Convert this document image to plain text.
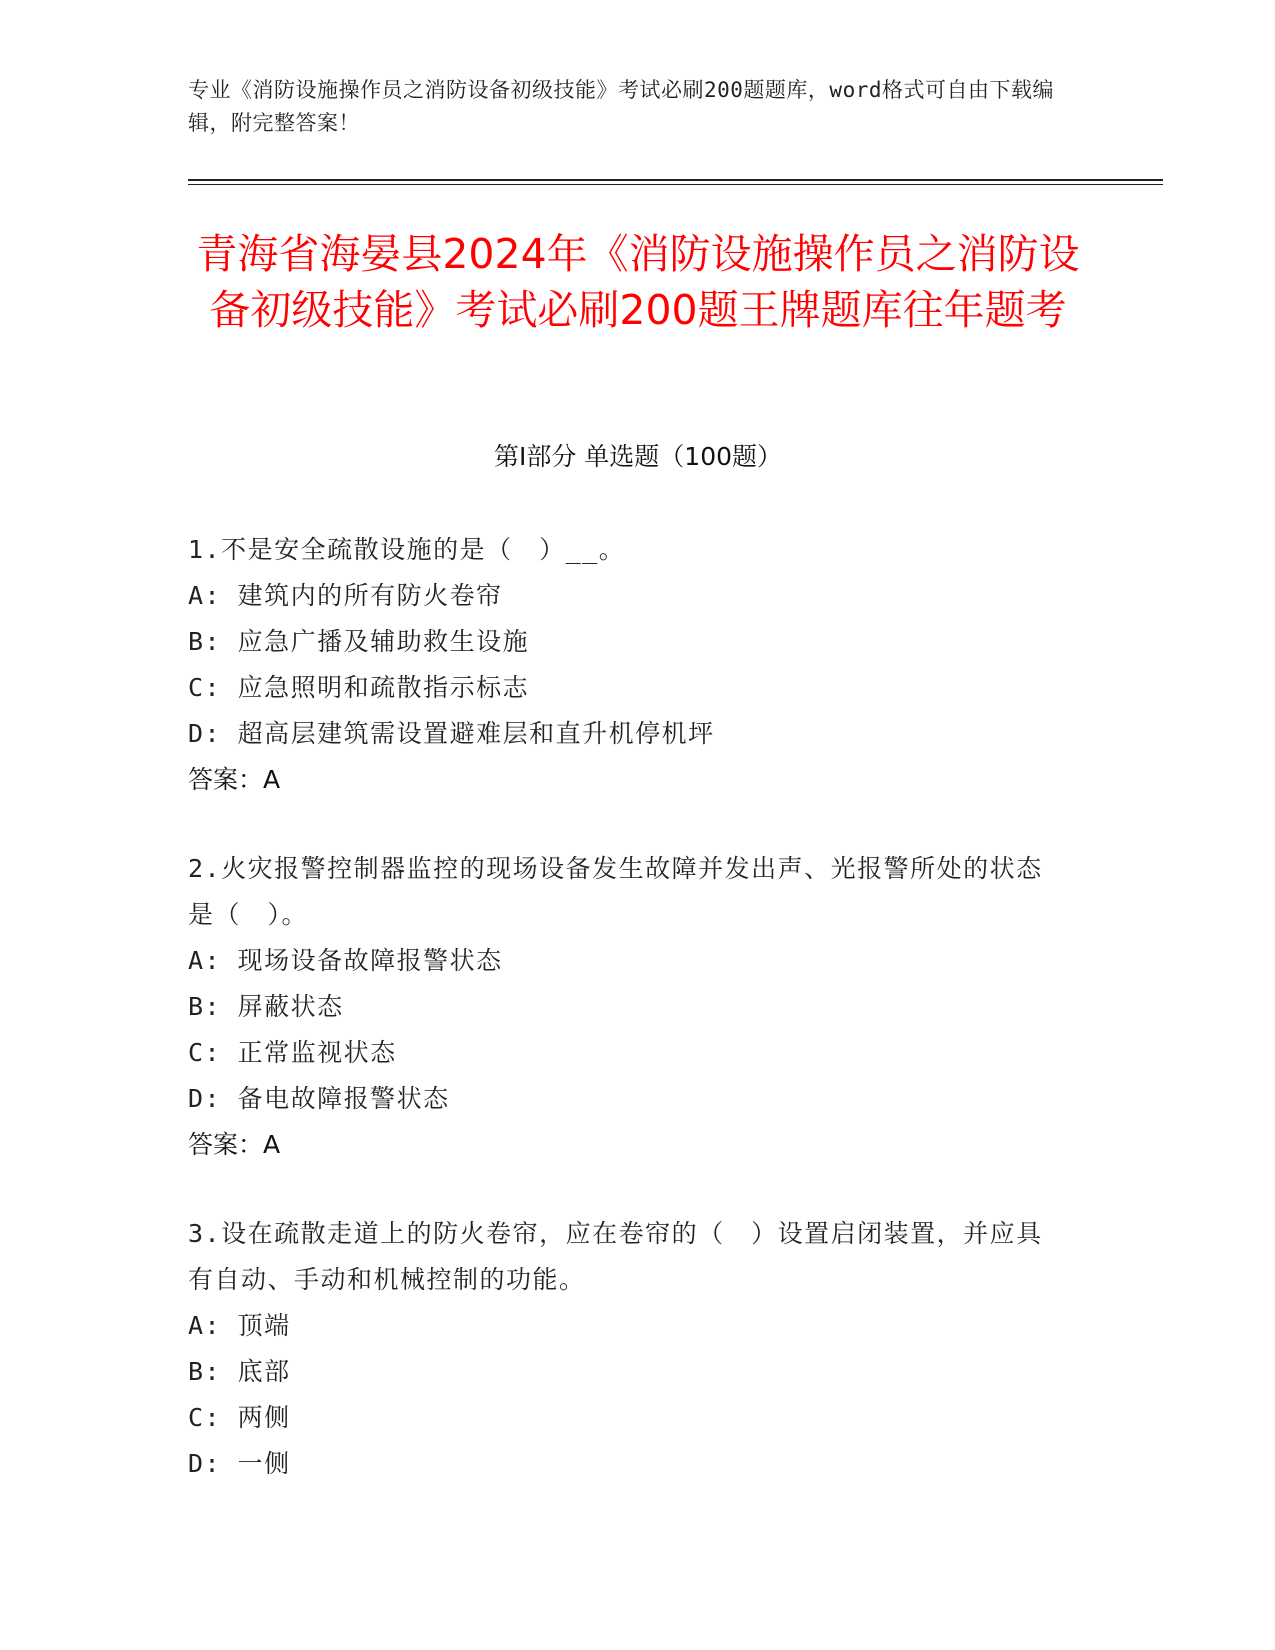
专业《消防设施操作员之消防设备初级技能》考试必刷200题题库，word格式可自由下载编辑，附完整答案！
青海省海晏县2024年《消防设施操作员之消防设备初级技能》考试必刷200题王牌题库往年题考
第I部分 单选题（100题）
1.不是安全疏散设施的是（　）__。
A: 建筑内的所有防火卷帘
B: 应急广播及辅助救生设施
C: 应急照明和疏散指示标志
D: 超高层建筑需设置避难层和直升机停机坪
答案：A
2.火灾报警控制器监控的现场设备发生故障并发出声、光报警所处的状态是（　）。
A: 现场设备故障报警状态
B: 屏蔽状态
C: 正常监视状态
D: 备电故障报警状态
答案：A
3.设在疏散走道上的防火卷帘，应在卷帘的（　）设置启闭装置，并应具有自动、手动和机械控制的功能。
A: 顶端
B: 底部
C: 两侧
D: 一侧
